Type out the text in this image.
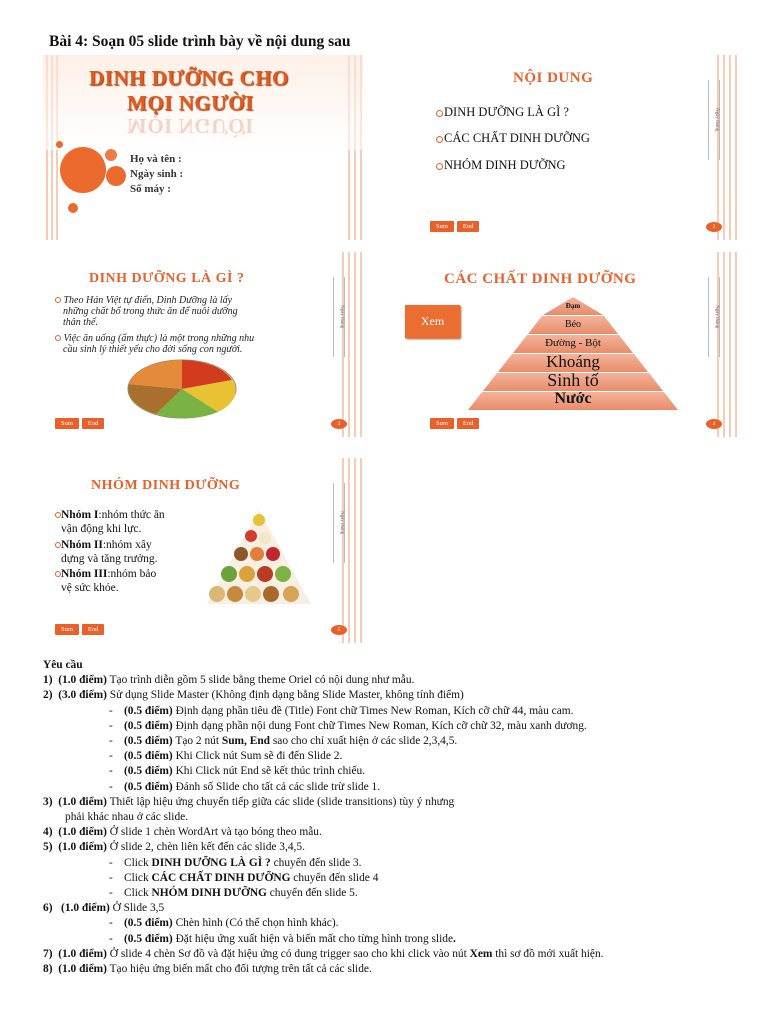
Bài 4: Soạn 05 slide trình bày về nội dung sau
DINH DƯỠNG CHO
MỌI NGƯỜI
MỌI NGƯỜI
Họ và tên :
Ngày sinh :
Số máy :
Ngày tháng
NỘI DUNG
DINH DƯỠNG LÀ GÌ ?
CÁC CHẤT DINH DƯỠNG
NHÓM DINH DƯỠNG
Sum	End	2
Ngày tháng
DINH DƯỠNG LÀ GÌ ?
Theo Hán Việt tự điển, Dinh Dưỡng là lấy
những chất bổ trong thức ăn để nuôi dưỡng
thân thể.
Việc ăn uống (ẩm thực) là một trong những nhu
cầu sinh lý thiết yếu cho đời sống con người.
Sum	End	3
Ngày tháng
CÁC CHẤT DINH DƯỠNG
Đạm
Béo
Đường - Bột
Khoáng
Sinh tố
Nước
Sum	End	4
Xem
Ngày tháng
NHÓM DINH DƯỠNG
Nhóm I:nhóm thức ăn
vận động khi lực.
Nhóm II:nhóm xây
dựng và tăng trưởng.
Nhóm III:nhóm bảo
vệ sức khỏe.
Sum	End	5
Yêu cầu
1) (1.0 điểm) Tạo trình diễn gồm 5 slide bằng theme Oriel có nội dung như mẫu.
2) (3.0 điểm) Sử dụng Slide Master (Không định dạng bằng Slide Master, không tính điểm)
- (0.5 điểm) Định dạng phần tiêu đề (Title) Font chữ Times New Roman, Kích cỡ chữ 44, màu cam.
- (0.5 điểm) Định dạng phần nội dung Font chữ Times New Roman, Kích cỡ chữ 32, màu xanh dương.
- (0.5 điểm) Tạo 2 nút Sum, End sao cho chỉ xuất hiện ở các slide 2,3,4,5.
- (0.5 điểm) Khi Click nút Sum sẽ đi đến Slide 2.
- (0.5 điểm) Khi Click nút End sẽ kết thúc trình chiếu.
- (0.5 điểm) Đánh số Slide cho tất cả các slide trừ slide 1.
3) (1.0 điểm) Thiết lập hiệu ứng chuyển tiếp giữa các slide (slide transitions) tùy ý nhưng
phải khác nhau ở các slide.
4) (1.0 điểm) Ở slide 1 chèn WordArt và tạo bóng theo mẫu.
5) (1.0 điểm) Ở slide 2, chèn liên kết đến các slide 3,4,5.
- Click DINH DƯỠNG LÀ GÌ ? chuyển đến slide 3.
- Click CÁC CHẤT DINH DƯỠNG chuyển đến slide 4
- Click NHÓM DINH DƯỠNG chuyển đến slide 5.
6) (1.0 điểm) Ở Slide 3,5
- (0.5 điểm) Chèn hình (Có thể chọn hình khác).
- (0.5 điểm) Đặt hiệu ứng xuất hiện và biến mất cho từng hình trong slide.
7) (1.0 điểm) Ở slide 4 chèn Sơ đồ và đặt hiệu ứng có dung trigger sao cho khi click vào nút Xem thì sơ đồ mới xuất hiện.
8) (1.0 điểm) Tạo hiệu ứng biến mất cho đối tượng trên tất cả các slide.
